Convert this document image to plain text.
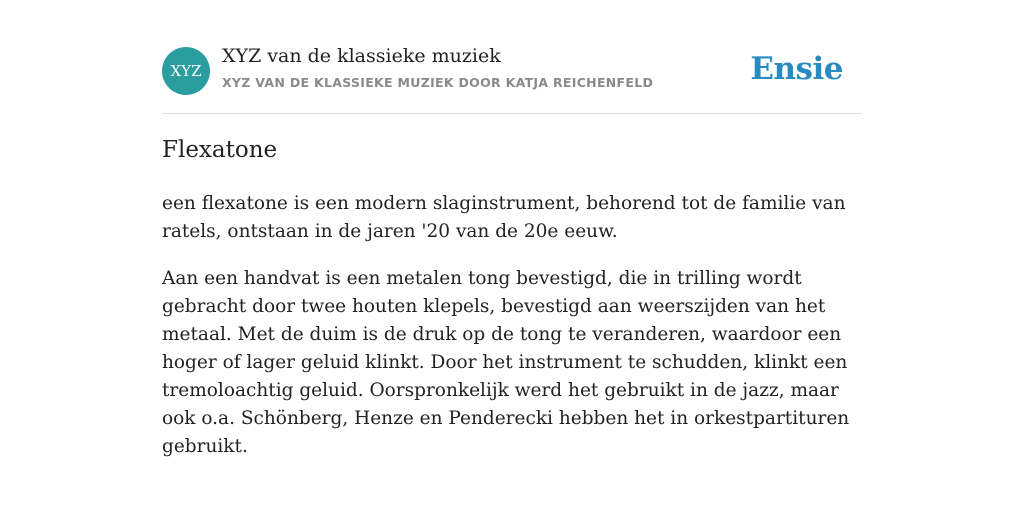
XYZ
XYZ van de klassieke muziek
XYZ VAN DE KLASSIEKE MUZIEK DOOR KATJA REICHENFELD	Ensie
Flexatone

een flexatone is een modern slaginstrument, behorend tot de familie van ratels, ontstaan in de jaren '20 van de 20e eeuw.

Aan een handvat is een metalen tong bevestigd, die in trilling wordt gebracht door twee houten klepels, bevestigd aan weerszijden van het metaal. Met de duim is de druk op de tong te veranderen, waardoor een hoger of lager geluid klinkt. Door het instrument te schudden, klinkt een tremoloachtig geluid. Oorspronkelijk werd het gebruikt in de jazz, maar ook o.a. Schönberg, Henze en Penderecki hebben het in orkestpartituren gebruikt.
